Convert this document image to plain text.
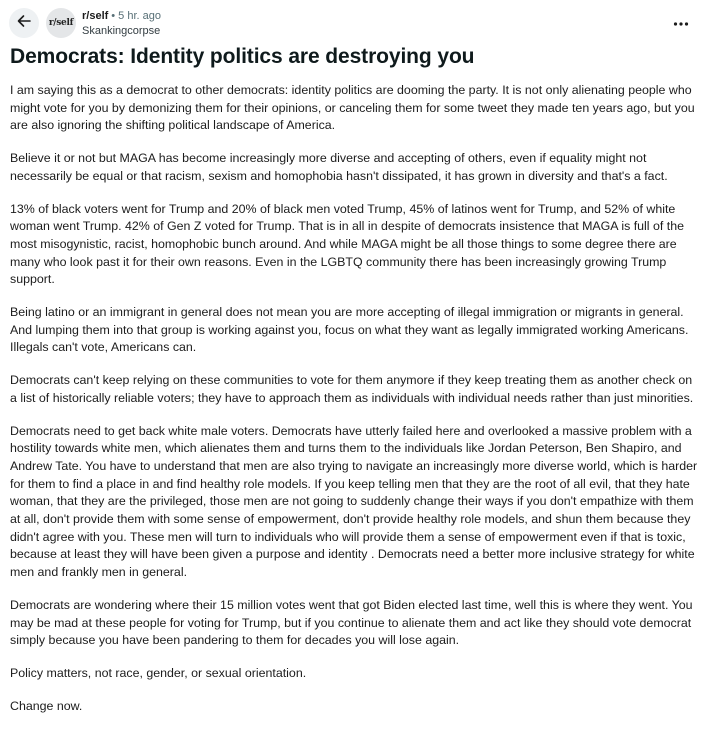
r/self
r/self • 5 hr. ago
Skankingcorpse
Democrats: Identity politics are destroying you

I am saying this as a democrat to other democrats: identity politics are dooming the party. It is not only alienating people who might vote for you by demonizing them for their opinions, or canceling them for some tweet they made ten years ago, but you are also ignoring the shifting political landscape of America.

Believe it or not but MAGA has become increasingly more diverse and accepting of others, even if equality might not necessarily be equal or that racism, sexism and homophobia hasn't dissipated, it has grown in diversity and that's a fact.

13% of black voters went for Trump and 20% of black men voted Trump, 45% of latinos went for Trump, and 52% of white woman went Trump. 42% of Gen Z voted for Trump. That is in all in despite of democrats insistence that MAGA is full of the most misogynistic, racist, homophobic bunch around. And while MAGA might be all those things to some degree there are many who look past it for their own reasons. Even in the LGBTQ community there has been increasingly growing Trump support.

Being latino or an immigrant in general does not mean you are more accepting of illegal immigration or migrants in general. And lumping them into that group is working against you, focus on what they want as legally immigrated working Americans. Illegals can't vote, Americans can.

Democrats can't keep relying on these communities to vote for them anymore if they keep treating them as another check on a list of historically reliable voters; they have to approach them as individuals with individual needs rather than just minorities.

Democrats need to get back white male voters. Democrats have utterly failed here and overlooked a massive problem with a hostility towards white men, which alienates them and turns them to the individuals like Jordan Peterson, Ben Shapiro, and Andrew Tate. You have to understand that men are also trying to navigate an increasingly more diverse world, which is harder for them to find a place in and find healthy role models. If you keep telling men that they are the root of all evil, that they hate woman, that they are the privileged, those men are not going to suddenly change their ways if you don't empathize with them at all, don't provide them with some sense of empowerment, don't provide healthy role models, and shun them because they didn't agree with you. These men will turn to individuals who will provide them a sense of empowerment even if that is toxic, because at least they will have been given a purpose and identity . Democrats need a better more inclusive strategy for white men and frankly men in general.

Democrats are wondering where their 15 million votes went that got Biden elected last time, well this is where they went. You may be mad at these people for voting for Trump, but if you continue to alienate them and act like they should vote democrat simply because you have been pandering to them for decades you will lose again.

Policy matters, not race, gender, or sexual orientation.

Change now.
